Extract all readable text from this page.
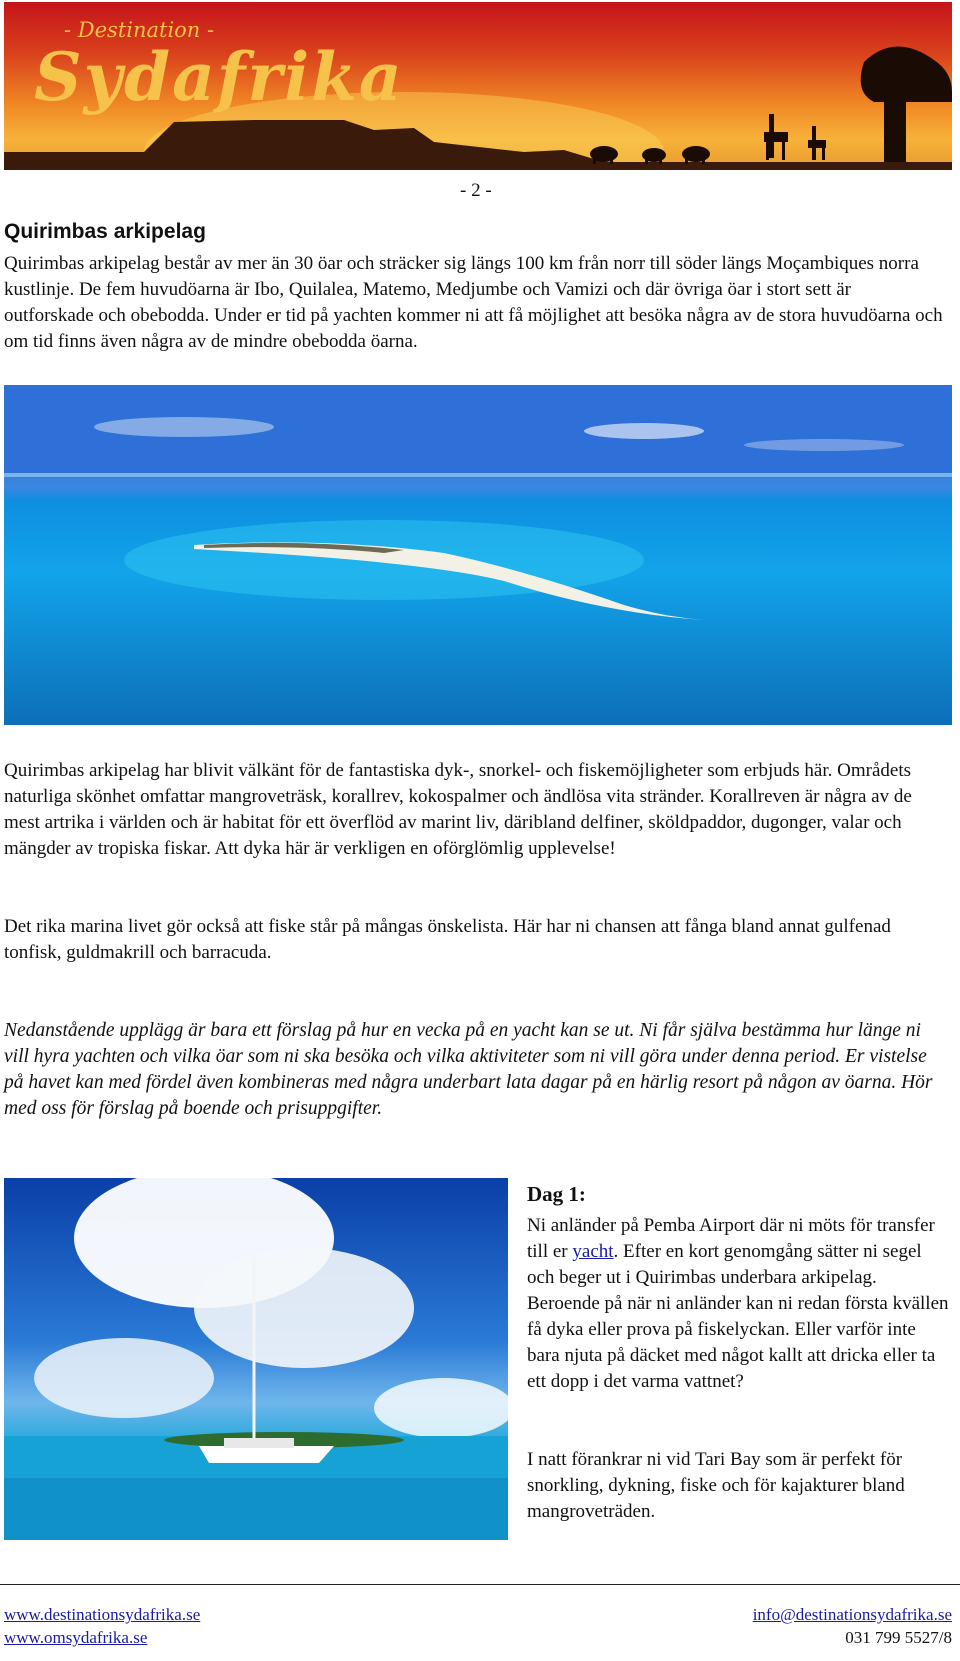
- Destination -
Sydafrika
- 2 -
Quirimbas arkipelag

Quirimbas arkipelag består av mer än 30 öar och sträcker sig längs 100 km från norr till söder längs Moçambiques norra kustlinje. De fem huvudöarna är Ibo, Quilalea, Matemo, Medjumbe och Vamizi och där övriga öar i stort sett är outforskade och obebodda. Under er tid på yachten kommer ni att få möjlighet att besöka några av de stora huvudöarna och om tid finns även några av de mindre obebodda öarna.

Quirimbas arkipelag har blivit välkänt för de fantastiska dyk-, snorkel- och fiskemöjligheter som erbjuds här. Områdets naturliga skönhet omfattar mangroveträsk, korallrev, kokospalmer och ändlösa vita stränder. Korallreven är några av de mest artrika i världen och är habitat för ett överflöd av marint liv, däribland delfiner, sköldpaddor, dugonger, valar och mängder av tropiska fiskar. Att dyka här är verkligen en oförglömlig upplevelse!

Det rika marina livet gör också att fiske står på mångas önskelista. Här har ni chansen att fånga bland annat gulfenad tonfisk, guldmakrill och barracuda.

Nedanstående upplägg är bara ett förslag på hur en vecka på en yacht kan se ut. Ni får själva bestämma hur länge ni vill hyra yachten och vilka öar som ni ska besöka och vilka aktiviteter som ni vill göra under denna period. Er vistelse på havet kan med fördel även kombineras med några underbart lata dagar på en härlig resort på någon av öarna. Hör med oss för förslag på boende och prisuppgifter.

Dag 1:

Ni anländer på Pemba Airport där ni möts för transfer till er yacht. Efter en kort genomgång sätter ni segel och beger ut i Quirimbas underbara arkipelag. Beroende på när ni anländer kan ni redan första kvällen få dyka eller prova på fiskelyckan. Eller varför inte bara njuta på däcket med något kallt att dricka eller ta ett dopp i det varma vattnet?

I natt förankrar ni vid Tari Bay som är perfekt för snorkling, dykning, fiske och för kajakturer bland mangroveträden.

www.destinationsydafrika.se
www.omsydafrika.se
info@destinationsydafrika.se
031 799 5527/8
